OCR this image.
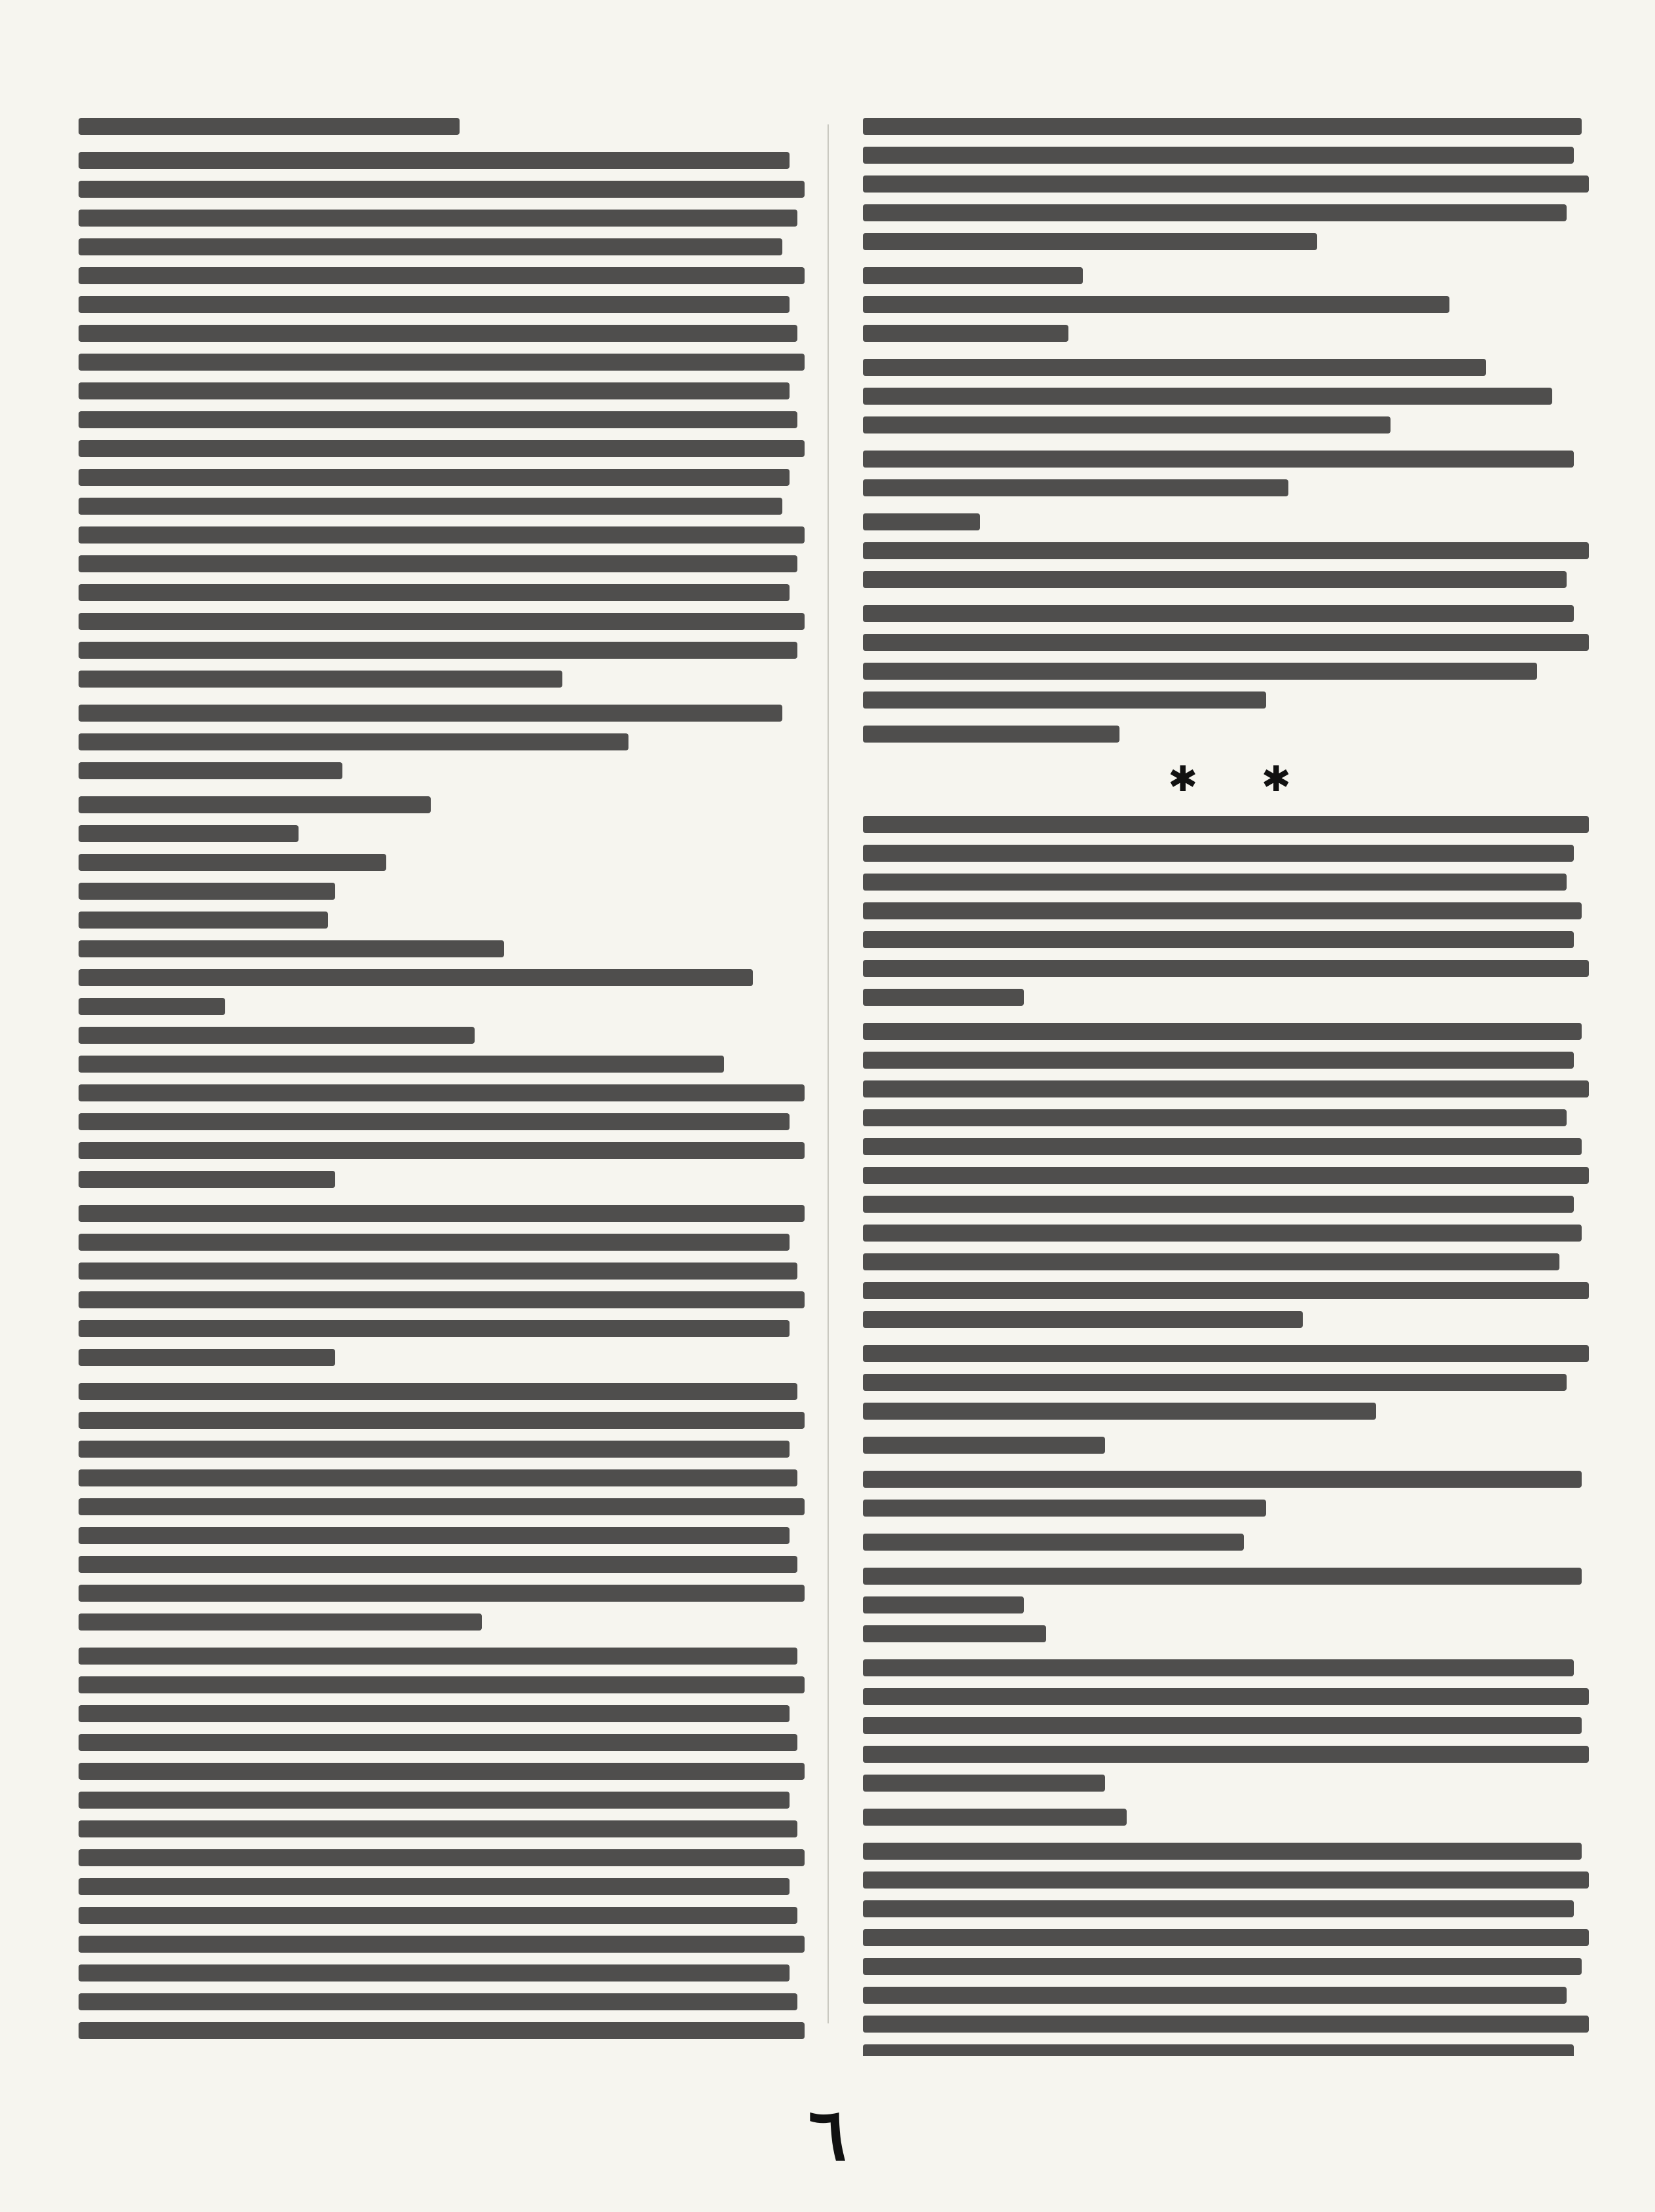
✱ ✱
٦
